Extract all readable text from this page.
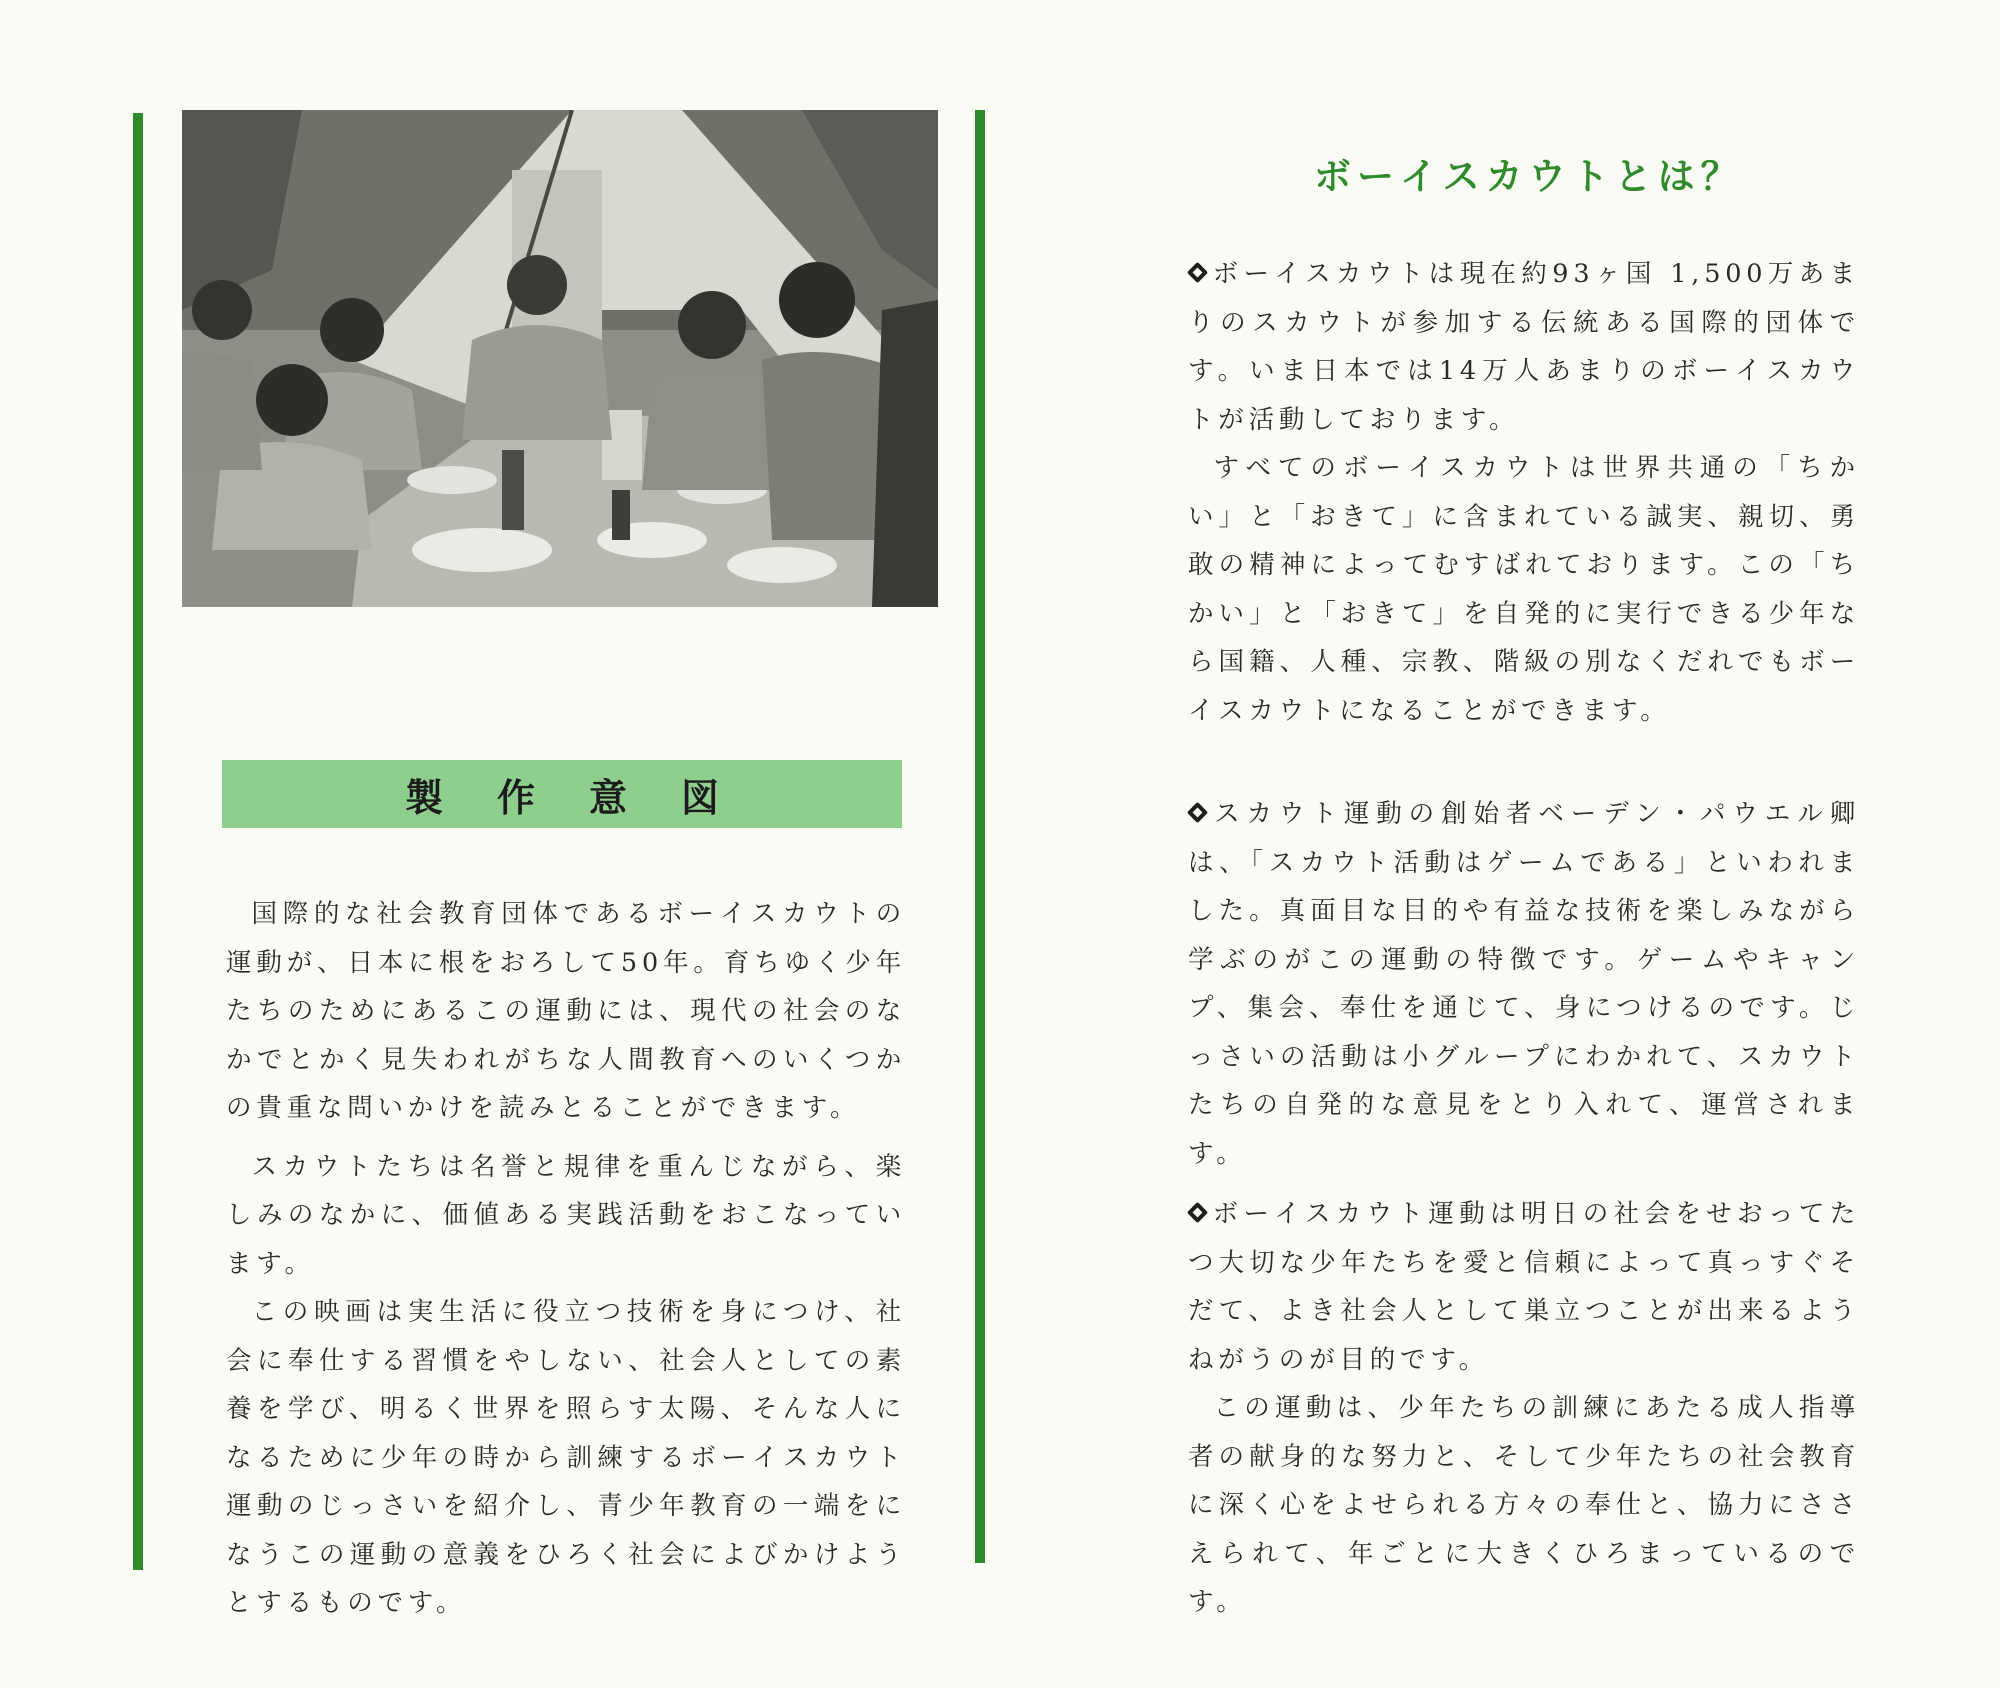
製作意図

国際的な社会教育団体であるボーイスカウトの運動が、日本に根をおろして50年。育ちゆく少年たちのためにあるこの運動には、現代の社会のなかでとかく見失われがちな人間教育へのいくつかの貴重な問いかけを読みとることができます。

スカウトたちは名誉と規律を重んじながら、楽しみのなかに、価値ある実践活動をおこなっています。

この映画は実生活に役立つ技術を身につけ、社会に奉仕する習慣をやしない、社会人としての素養を学び、明るく世界を照らす太陽、そんな人になるために少年の時から訓練するボーイスカウト運動のじっさいを紹介し、青少年教育の一端をになうこの運動の意義をひろく社会によびかけようとするものです。

ボーイスカウトとは？

ボーイスカウトは現在約93ヶ国 1,500万あまりのスカウトが参加する伝統ある国際的団体です。いま日本では14万人あまりのボーイスカウトが活動しております。

すべてのボーイスカウトは世界共通の「ちかい」と「おきて」に含まれている誠実、親切、勇敢の精神によってむすばれております。この「ちかい」と「おきて」を自発的に実行できる少年なら国籍、人種、宗教、階級の別なくだれでもボーイスカウトになることができます。

スカウト運動の創始者ベーデン・パウエル卿は、「スカウト活動はゲームである」といわれました。真面目な目的や有益な技術を楽しみながら学ぶのがこの運動の特徴です。ゲームやキャンプ、集会、奉仕を通じて、身につけるのです。じっさいの活動は小グループにわかれて、スカウトたちの自発的な意見をとり入れて、運営されます。

ボーイスカウト運動は明日の社会をせおってたつ大切な少年たちを愛と信頼によって真っすぐそだて、よき社会人として巣立つことが出来るようねがうのが目的です。

この運動は、少年たちの訓練にあたる成人指導者の献身的な努力と、そして少年たちの社会教育に深く心をよせられる方々の奉仕と、協力にささえられて、年ごとに大きくひろまっているのです。
